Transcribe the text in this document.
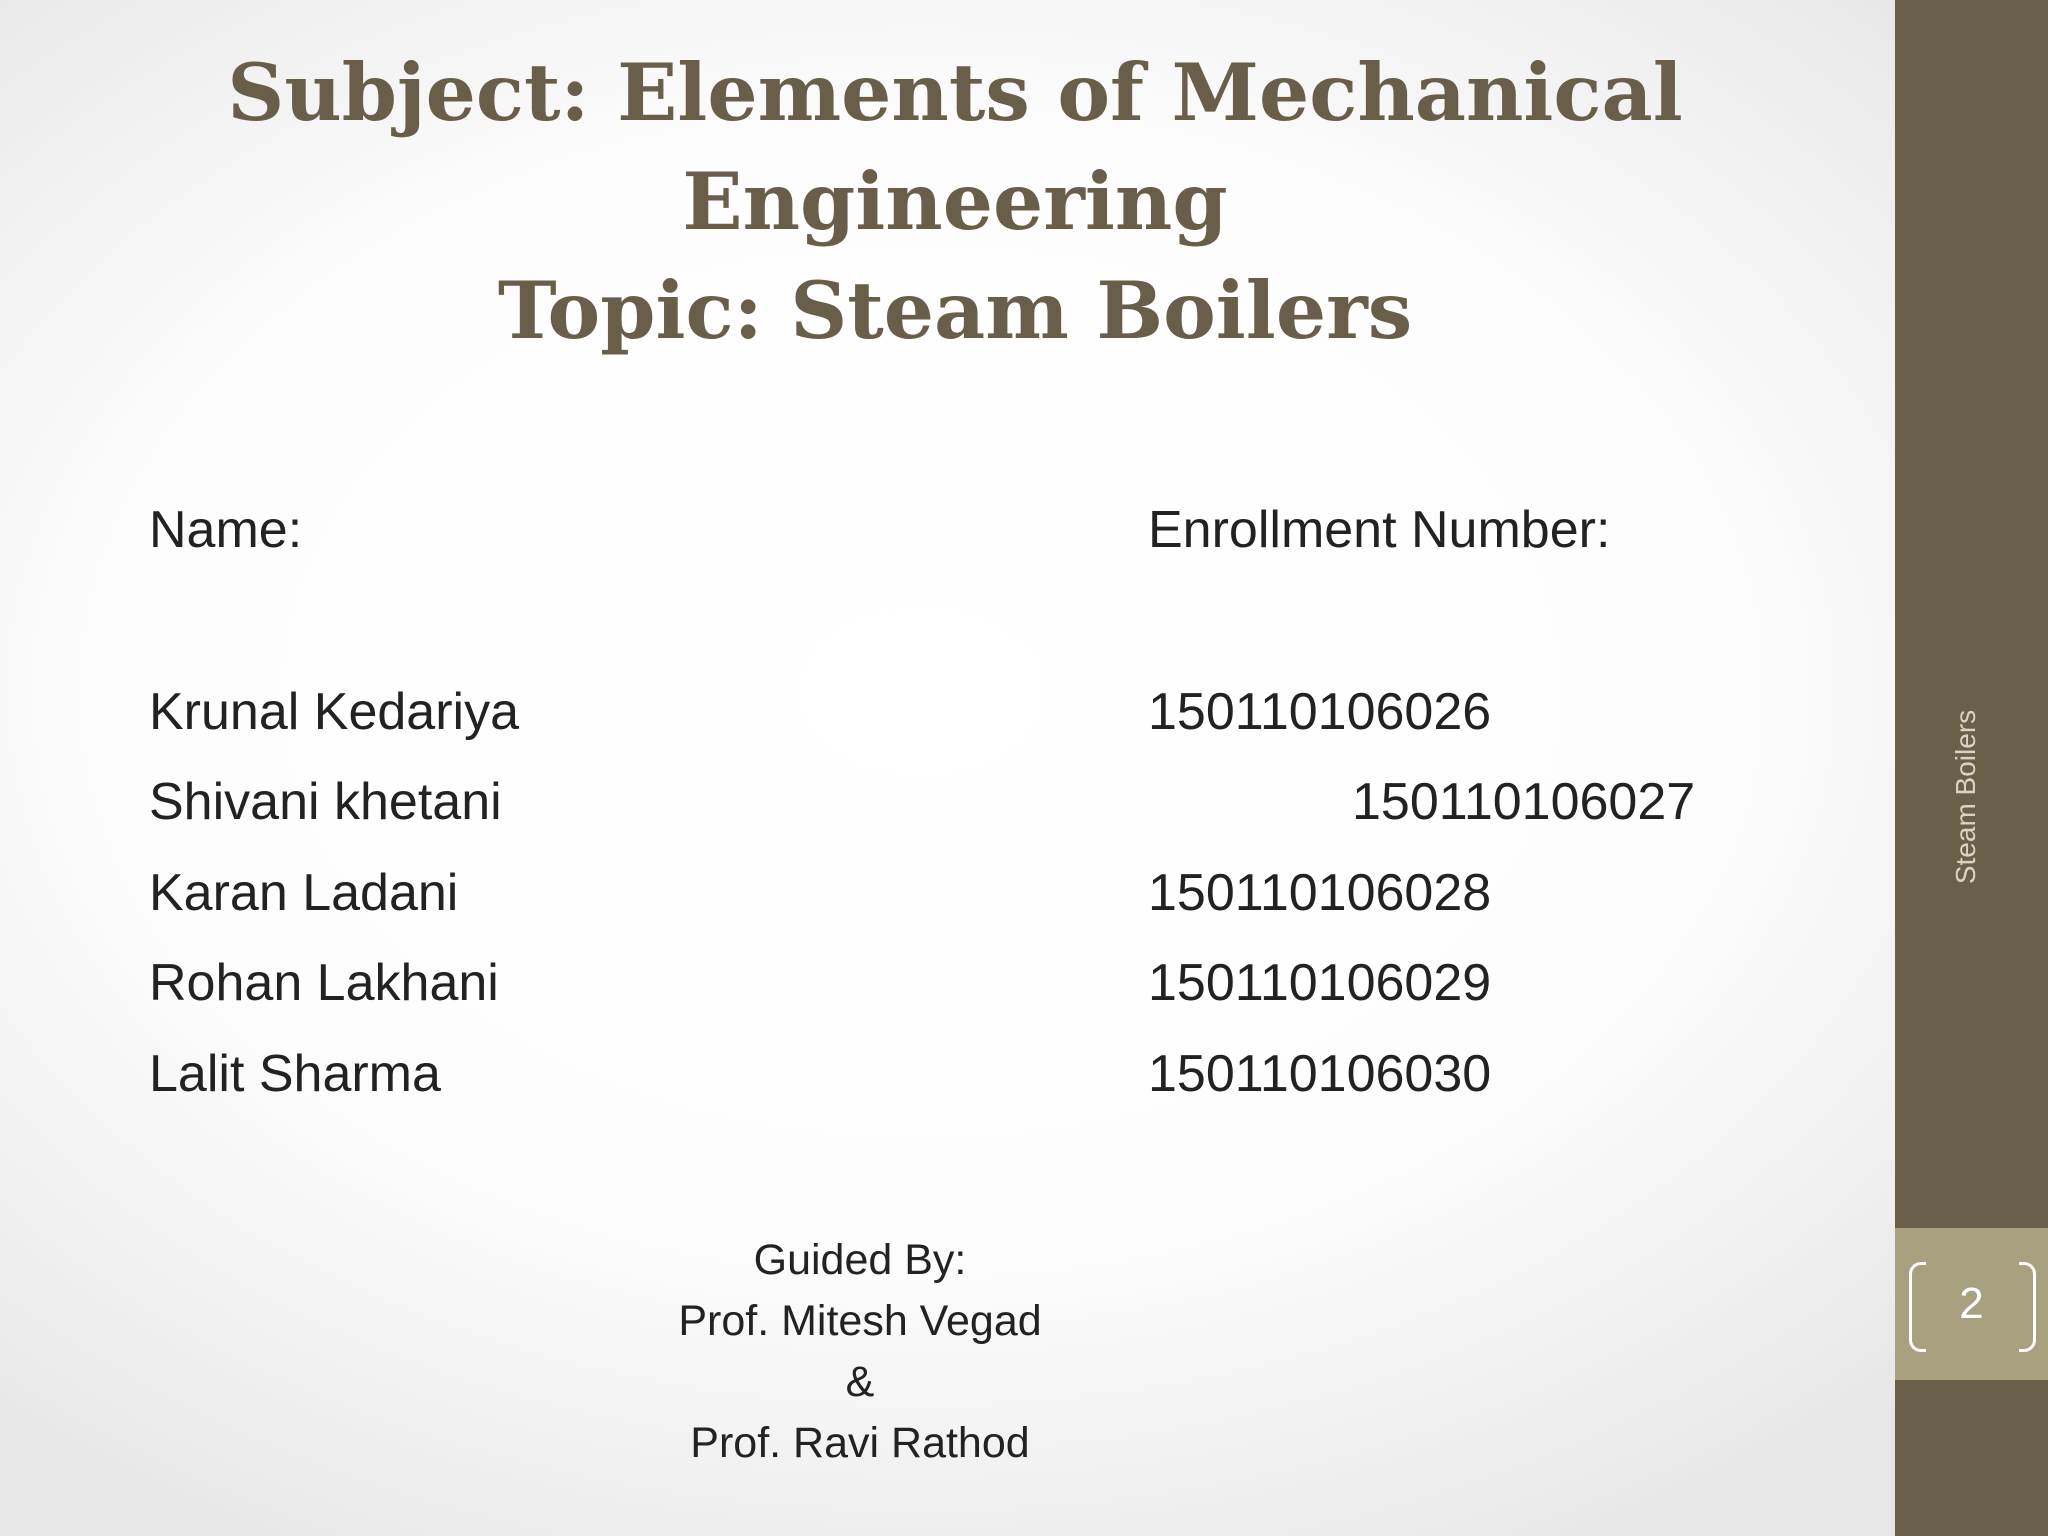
Subject: Elements of Mechanical
Engineering
Topic: Steam Boilers
Name:	Enrollment Number:
Krunal Kedariya	150110106026
Shivani khetani	150110106027
Karan Ladani	150110106028
Rohan Lakhani	150110106029
Lalit Sharma	150110106030
Guided By:
Prof. Mitesh Vegad
&
Prof. Ravi Rathod
Steam Boilers
2
